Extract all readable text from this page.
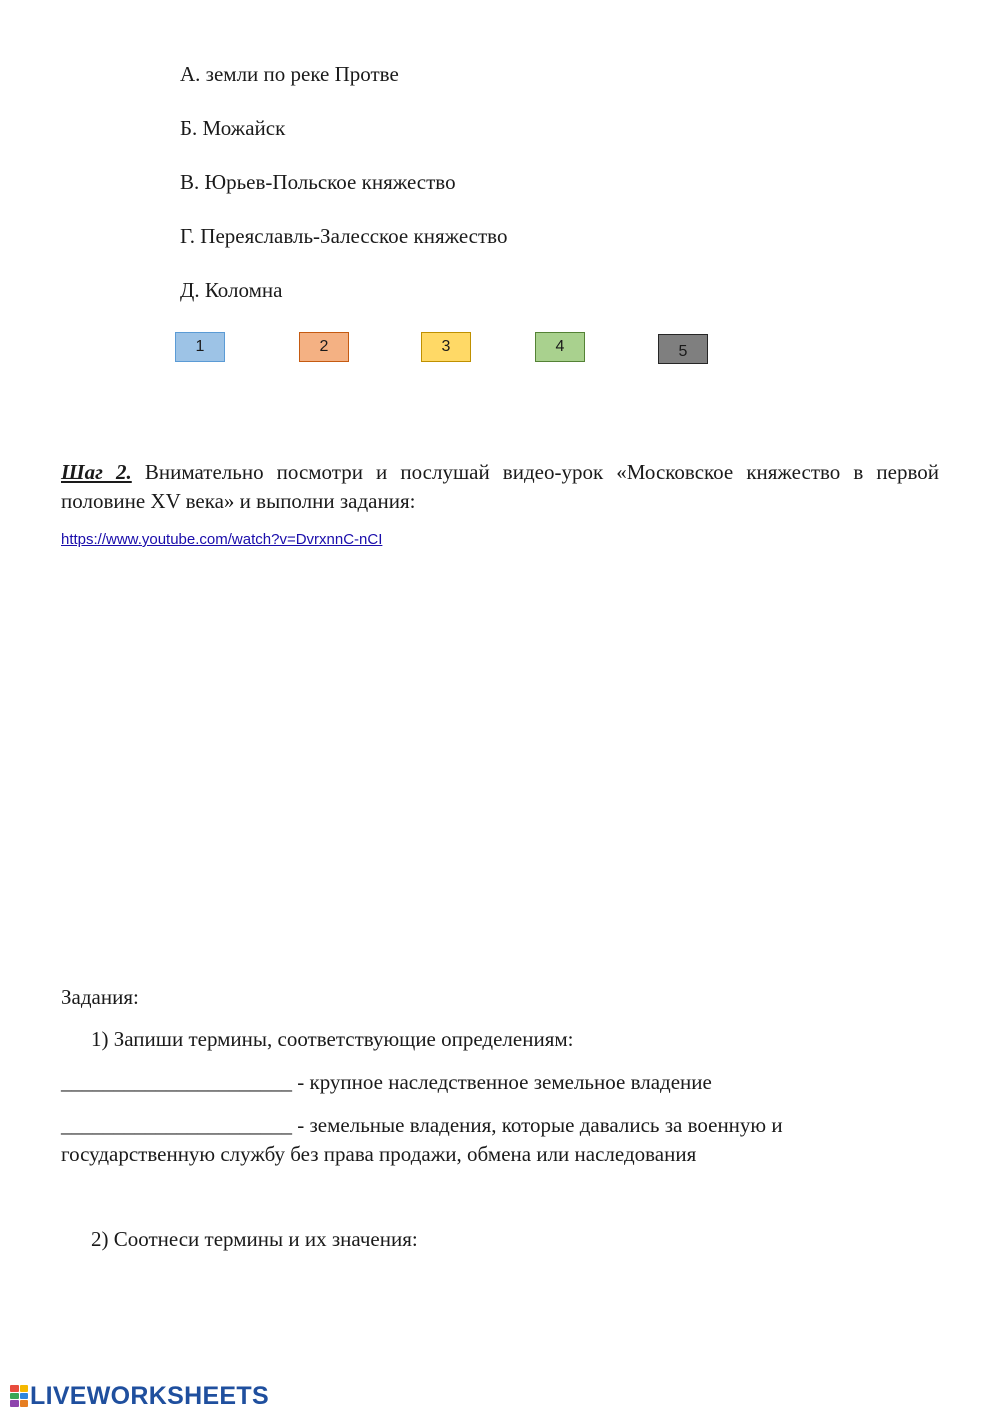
А. земли по реке Протве
Б. Можайск
В. Юрьев-Польское княжество
Г. Переяславль-Залесское княжество
Д. Коломна
1	2	3	4	5
Шаг 2. Внимательно посмотри и послушай видео-урок «Московское княжество в первой половине XV века» и выполни задания:
https://www.youtube.com/watch?v=DvrxnnC-nCI
Задания:
1) Запиши термины, соответствующие определениям:
______________________ - крупное наследственное земельное владение
______________________ - земельные владения, которые давались за военную и государственную службу без права продажи, обмена или наследования
2) Соотнеси термины и их значения:
LIVEWORKSHEETS
